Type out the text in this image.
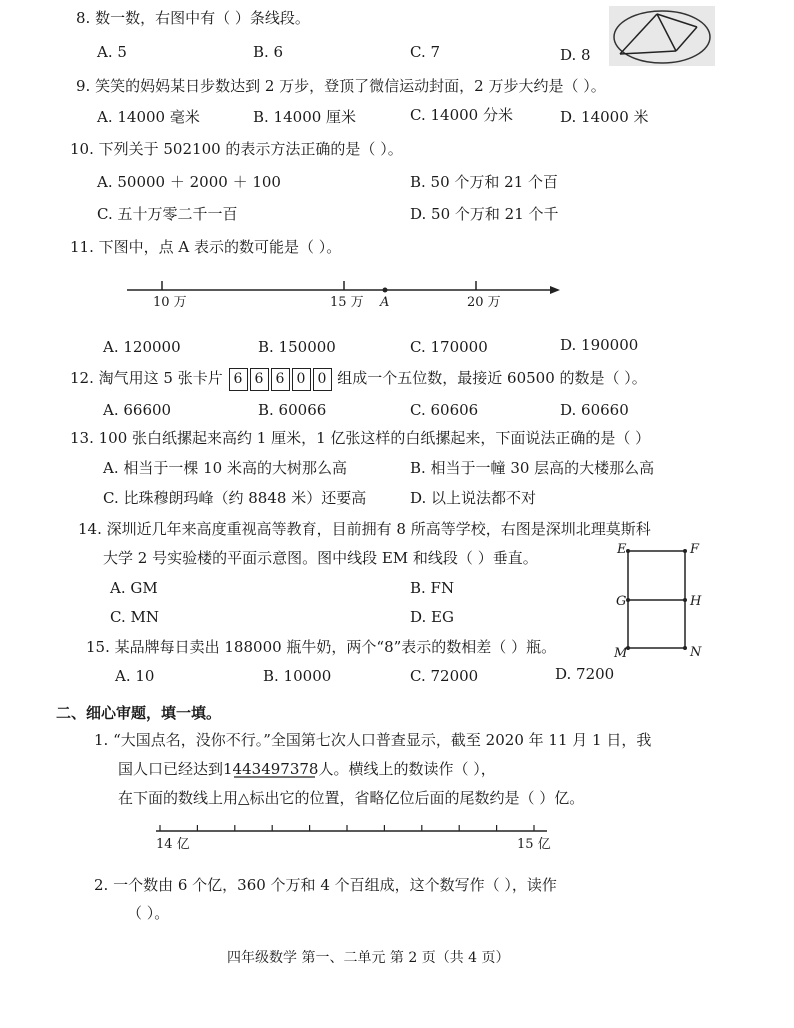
8. 数一数，右图中有（ ）条线段。
A. 5	B. 6	C. 7	D. 8
9. 笑笑的妈妈某日步数达到 2 万步，登顶了微信运动封面，2 万步大约是（ ）。
A. 14000 毫米	B. 14000 厘米	C. 14000 分米	D. 14000 米
10. 下列关于 502100 的表示方法正确的是（ ）。
A. 50000 ＋ 2000 ＋ 100	B. 50 个万和 21 个百
C. 五十万零二千一百	D. 50 个万和 21 个千
11. 下图中，点 A 表示的数可能是（ ）。
10 万	15 万 A	20 万
A. 120000	B. 150000	C. 170000	D. 190000
12. 淘气用这 5 张卡片 6 6 6 0 0 组成一个五位数，最接近 60500 的数是（ ）。
A. 66600	B. 60066	C. 60606	D. 60660
13. 100 张白纸摞起来高约 1 厘米，1 亿张这样的白纸摞起来，下面说法正确的是（ ）
A. 相当于一棵 10 米高的大树那么高	B. 相当于一幢 30 层高的大楼那么高
C. 比珠穆朗玛峰（约 8848 米）还要高	D. 以上说法都不对
14. 深圳近几年来高度重视高等教育，目前拥有 8 所高等学校，右图是深圳北理莫斯科
大学 2 号实验楼的平面示意图。图中线段 EM 和线段（ ）垂直。
A. GM	B. FN
C. MN	D. EG
E	F
G	H
M	N
15. 某品牌每日卖出 188000 瓶牛奶，两个“8”表示的数相差（ ）瓶。
A. 10	B. 10000	C. 72000	D. 7200
二、细心审题，填一填。
1. “大国点名，没你不行。”全国第七次人口普查显示，截至 2020 年 11 月 1 日，我
国人口已经达到1443497378人。横线上的数读作（ ），
在下面的数线上用△标出它的位置，省略亿位后面的尾数约是（ ）亿。
14 亿	15 亿
2. 一个数由 6 个亿，360 个万和 4 个百组成，这个数写作（ ），读作
（ ）。
四年级数学 第一、二单元 第 2 页（共 4 页）
